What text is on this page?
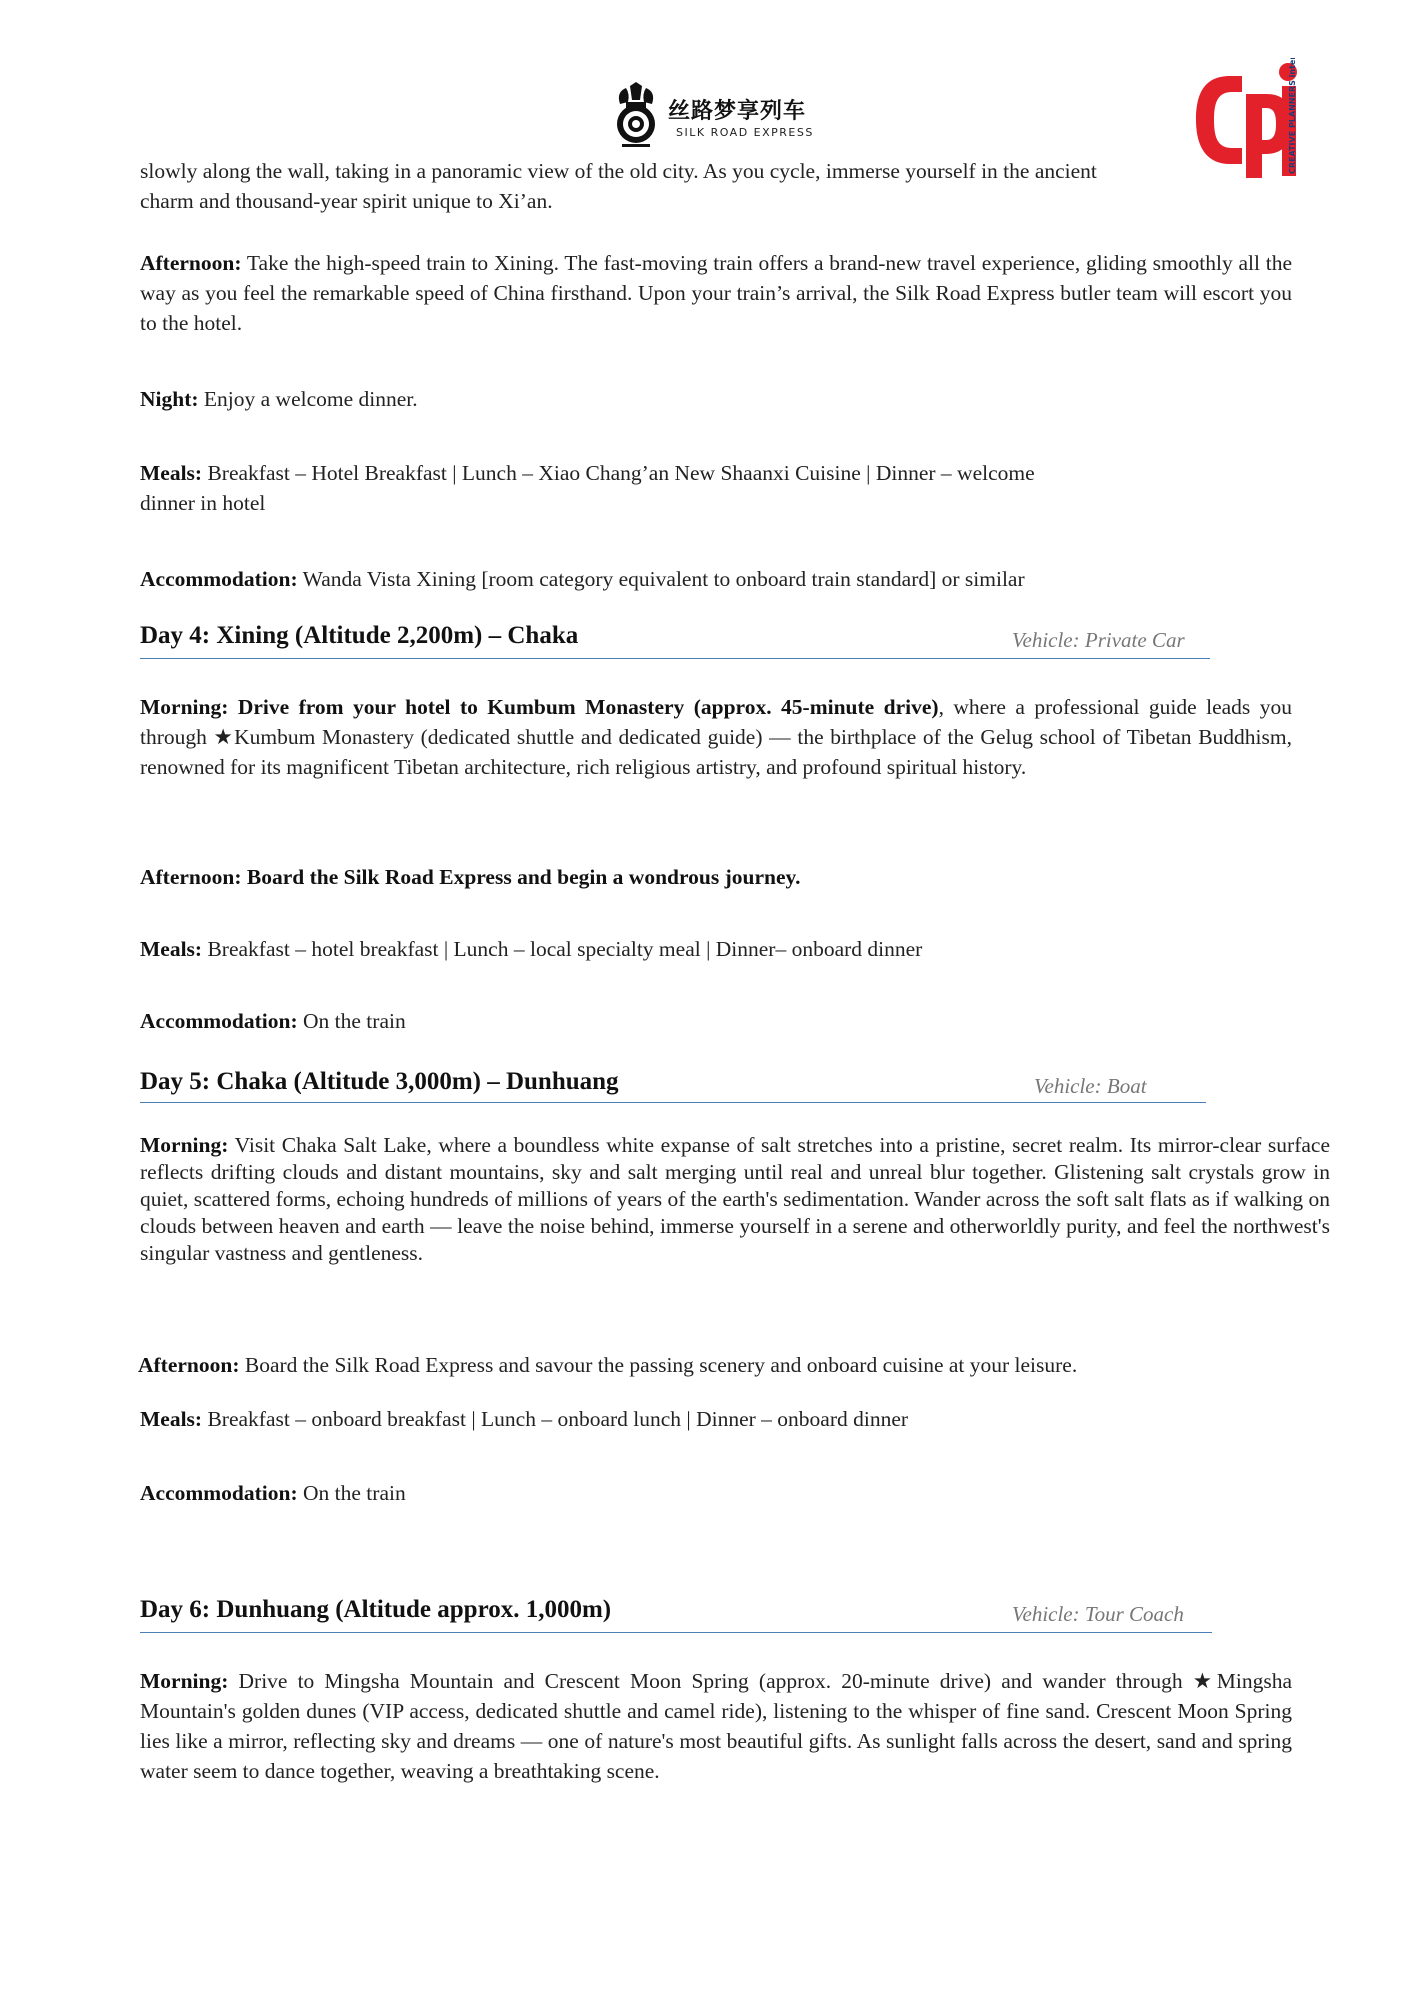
丝路梦享列车
SILK ROAD EXPRESS	CREATIVE PLANNERS international
slowly along the wall, taking in a panoramic view of the old city. As you cycle, immerse yourself in the ancient
charm and thousand-year spirit unique to Xi’an.
Afternoon: Take the high-speed train to Xining. The fast-moving train offers a brand-new travel experience, gliding smoothly all the way as you feel the remarkable speed of China firsthand. Upon your train’s arrival, the Silk Road Express butler team will escort you to the hotel.
Night: Enjoy a welcome dinner.
Meals: Breakfast – Hotel Breakfast | Lunch – Xiao Chang’an New Shaanxi Cuisine | Dinner – welcome
dinner in hotel
Accommodation: Wanda Vista Xining [room category equivalent to onboard train standard] or similar
Day 4: Xining (Altitude 2,200m) – Chaka	Vehicle: Private Car
Morning: Drive from your hotel to Kumbum Monastery (approx. 45-minute drive), where a professional guide leads you through ★Kumbum Monastery (dedicated shuttle and dedicated guide) — the birthplace of the Gelug school of Tibetan Buddhism, renowned for its magnificent Tibetan architecture, rich religious artistry, and profound spiritual history.
Afternoon: Board the Silk Road Express and begin a wondrous journey.
Meals: Breakfast – hotel breakfast | Lunch – local specialty meal | Dinner– onboard dinner
Accommodation: On the train
Day 5: Chaka (Altitude 3,000m) – Dunhuang	Vehicle: Boat
Morning: Visit Chaka Salt Lake, where a boundless white expanse of salt stretches into a pristine, secret realm. Its mirror-clear surface reflects drifting clouds and distant mountains, sky and salt merging until real and unreal blur together. Glistening salt crystals grow in quiet, scattered forms, echoing hundreds of millions of years of the earth's sedimentation. Wander across the soft salt flats as if walking on clouds between heaven and earth — leave the noise behind, immerse yourself in a serene and otherworldly purity, and feel the northwest's singular vastness and gentleness.
Afternoon: Board the Silk Road Express and savour the passing scenery and onboard cuisine at your leisure.
Meals: Breakfast – onboard breakfast | Lunch – onboard lunch | Dinner – onboard dinner
Accommodation: On the train
Day 6: Dunhuang (Altitude approx. 1,000m)	Vehicle: Tour Coach
Morning: Drive to Mingsha Mountain and Crescent Moon Spring (approx. 20-minute drive) and wander through ★Mingsha Mountain's golden dunes (VIP access, dedicated shuttle and camel ride), listening to the whisper of fine sand. Crescent Moon Spring lies like a mirror, reflecting sky and dreams — one of nature's most beautiful gifts. As sunlight falls across the desert, sand and spring water seem to dance together, weaving a breathtaking scene.
